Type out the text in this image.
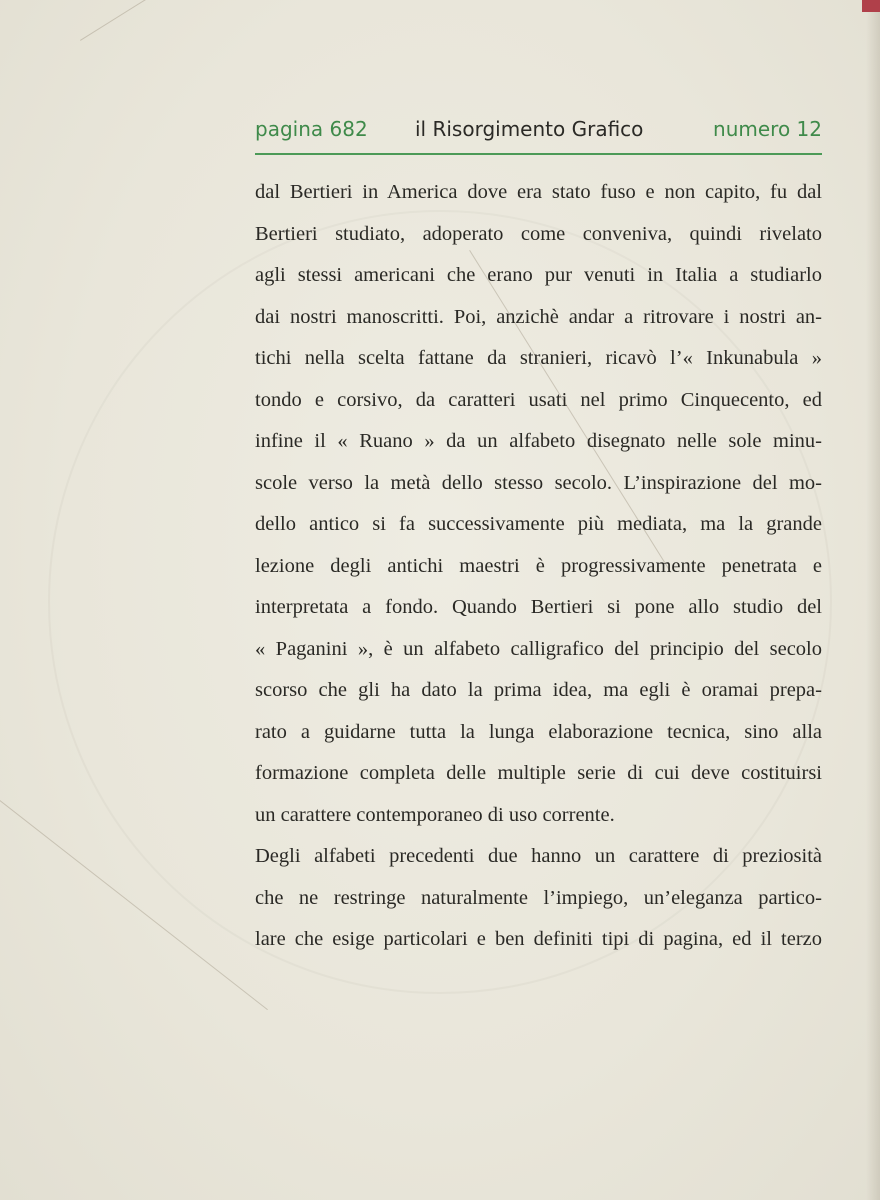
pagina 682 il Risorgimento Grafico	numero 12
dal Bertieri in America dove era stato fuso e non capito, fu dal
Bertieri studiato, adoperato come conveniva, quindi rivelato
agli stessi americani che erano pur venuti in Italia a studiarlo
dai nostri manoscritti. Poi, anzichè andar a ritrovare i nostri an-
tichi nella scelta fattane da stranieri, ricavò l’« Inkunabula »
tondo e corsivo, da caratteri usati nel primo Cinquecento, ed
infine il « Ruano » da un alfabeto disegnato nelle sole minu-
scole verso la metà dello stesso secolo. L’inspirazione del mo-
dello antico si fa successivamente più mediata, ma la grande
lezione degli antichi maestri è progressivamente penetrata e
interpretata a fondo. Quando Bertieri si pone allo studio del
« Paganini », è un alfabeto calligrafico del principio del secolo
scorso che gli ha dato la prima idea, ma egli è oramai prepa-
rato a guidarne tutta la lunga elaborazione tecnica, sino alla
formazione completa delle multiple serie di cui deve costituirsi
un carattere contemporaneo di uso corrente.
Degli alfabeti precedenti due hanno un carattere di preziosità
che ne restringe naturalmente l’impiego, un’eleganza partico-
lare che esige particolari e ben definiti tipi di pagina, ed il terzo
